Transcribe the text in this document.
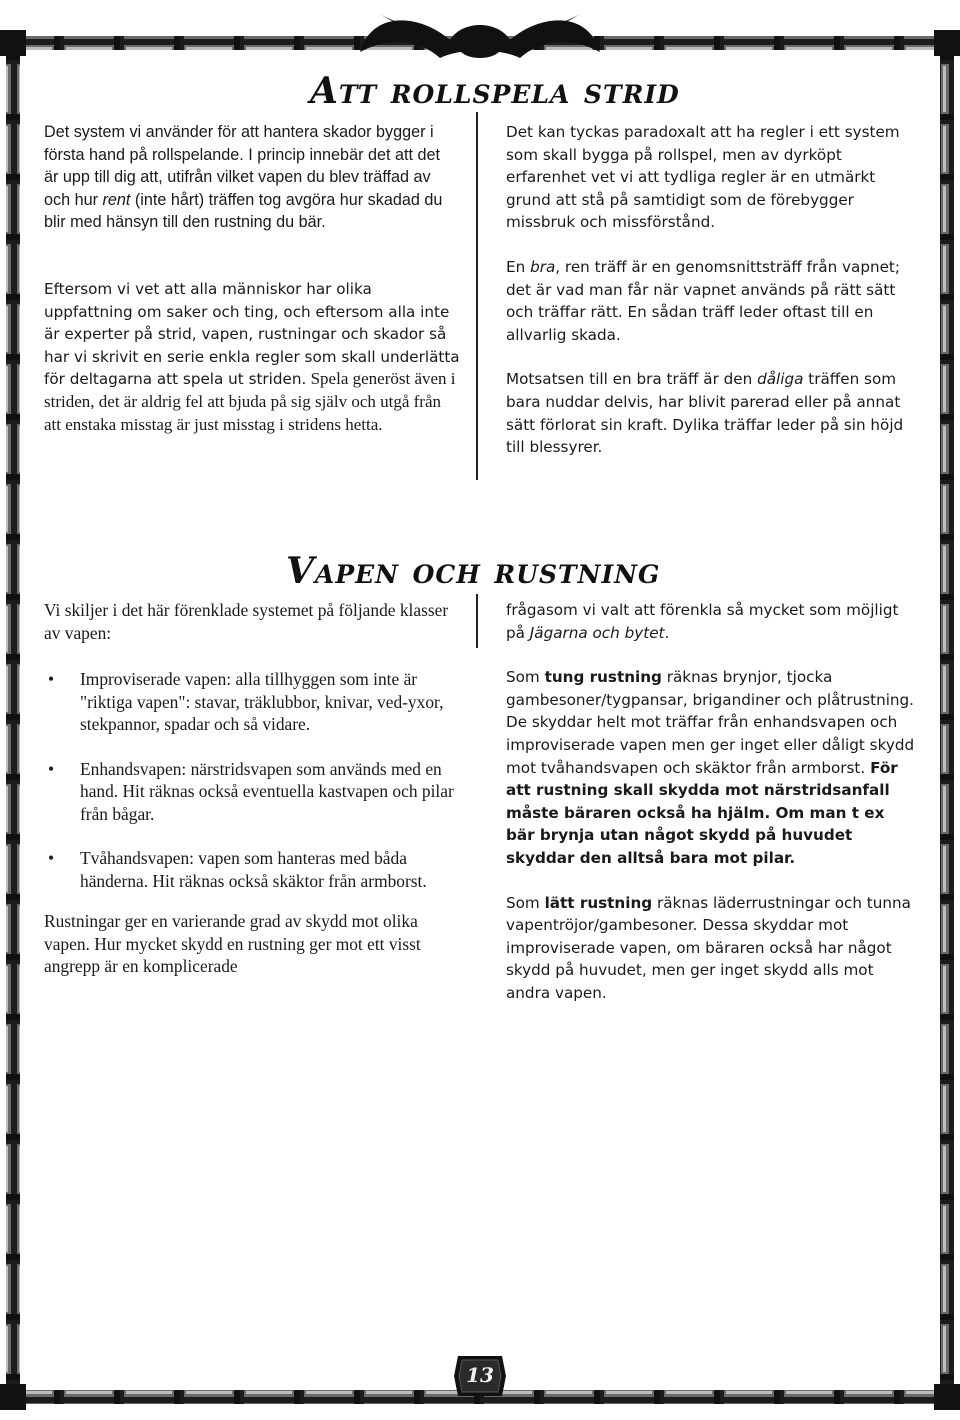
Att rollspela strid

Det system vi använder för att hantera skador bygger i första hand på rollspelande. I princip innebär det att det är upp till dig att, utifrån vilket vapen du blev träffad av och hur rent (inte hårt) träffen tog avgöra hur skadad du blir med hänsyn till den rustning du bär.

Eftersom vi vet att alla människor har olika uppfattning om saker och ting, och eftersom alla inte är experter på strid, vapen, rustningar och skador så har vi skrivit en serie enkla regler som skall underlätta för deltagarna att spela ut striden. Spela generöst även i striden, det är aldrig fel att bjuda på sig själv och utgå från att enstaka misstag är just misstag i stridens hetta.

Det kan tyckas paradoxalt att ha regler i ett system som skall bygga på rollspel, men av dyrköpt erfarenhet vet vi att tydliga regler är en utmärkt grund att stå på samtidigt som de förebygger missbruk och missförstånd.

En bra, ren träff är en genomsnittsträff från vapnet; det är vad man får när vapnet används på rätt sätt och träffar rätt. En sådan träff leder oftast till en allvarlig skada.

Motsatsen till en bra träff är den dåliga träffen som bara nuddar delvis, har blivit parerad eller på annat sätt förlorat sin kraft. Dylika träffar leder på sin höjd till blessyrer.

Vapen och rustning

Vi skiljer i det här förenklade systemet på följande klasser av vapen:

• Improviserade vapen: alla tillhyggen som inte är "riktiga vapen": stavar, träklubbor, knivar, ved-yxor, stekpannor, spadar och så vidare.
• Enhandsvapen: närstridsvapen som används med en hand. Hit räknas också eventuella kastvapen och pilar från bågar.
• Tvåhandsvapen: vapen som hanteras med båda händerna. Hit räknas också skäktor från armborst.

Rustningar ger en varierande grad av skydd mot olika vapen. Hur mycket skydd en rustning ger mot ett visst angrepp är en komplicerade

frågasom vi valt att förenkla så mycket som möjligt på Jägarna och bytet.

Som tung rustning räknas brynjor, tjocka gambesoner/tygpansar, brigandiner och plåtrustning. De skyddar helt mot träffar från enhandsvapen och improviserade vapen men ger inget eller dåligt skydd mot tvåhandsvapen och skäktor från armborst. För att rustning skall skydda mot närstridsanfall måste bäraren också ha hjälm. Om man t ex bär brynja utan något skydd på huvudet skyddar den alltså bara mot pilar.

Som lätt rustning räknas läderrustningar och tunna vapentröjor/gambesoner. Dessa skyddar mot improviserade vapen, om bäraren också har något skydd på huvudet, men ger inget skydd alls mot andra vapen.

13
